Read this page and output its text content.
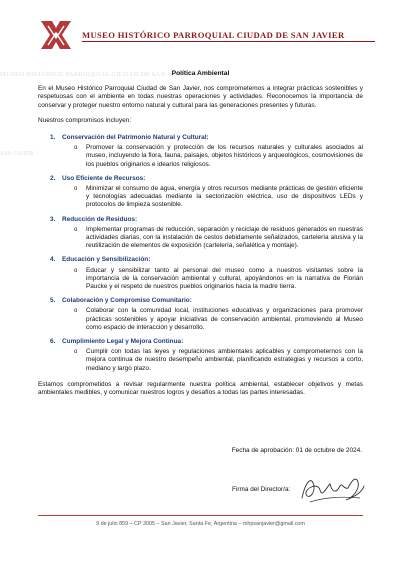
MUSEO HISTÓRICO PARROQUIAL CIUDAD DE SAN JAVIER
MUSEO HISTÓRICO PARROQUIAL CIUDAD DE SAN JAVIER
SAN JAVIER
Política Ambiental

En el Museo Histórico Parroquial Ciudad de San Javier, nos comprometemos a integrar prácticas sostenibles y respetuosas con el ambiente en todas nuestras operaciones y actividades. Reconocemos la importancia de conservar y proteger nuestro entorno natural y cultural para las generaciones presentes y futuras.

Nuestros compromisos incluyen:

1.	Conservación del Patrimonio Natural y Cultural:
o	Promover la conservación y protección de los recursos naturales y culturales asociados al museo, incluyendo la flora, fauna, paisajes, objetos históricos y arqueológicos, cosmovisiones de los pueblos originarios e idearios religiosos.
2.	Uso Eficiente de Recursos:
o	Minimizar el consumo de agua, energía y otros recursos mediante prácticas de gestión eficiente y tecnologías adecuadas mediante la sectorización eléctrica, uso de dispositivos LEDs y protocolos de limpieza sostenible.
3.	Reducción de Residuos:
o	Implementar programas de reducción, separación y reciclaje de residuos generados en nuestras actividades diarias, con la instalación de cestos debidamente señalizados, cartelería alusiva y la reutilización de elementos de exposición (cartelería, señalética y montaje).
4.	Educación y Sensibilización:
o	Educar y sensibilizar tanto al personal del museo como a nuestros visitantes sobre la importancia de la conservación ambiental y cultural, apoyándonos en la narrativa de Florián Paucke y el respeto de nuestros pueblos originarios hacia la madre tierra.
5.	Colaboración y Compromiso Comunitario:
o	Colaborar con la comunidad local, instituciones educativas y organizaciones para promover prácticas sostenibles y apoyar iniciativas de conservación ambiental, promoviendo al Museo como espacio de interacción y desarrollo.
6.	Cumplimiento Legal y Mejora Continua:
o	Cumplir con todas las leyes y regulaciones ambientales aplicables y comprometernos con la mejora continua de nuestro desempeño ambiental, planificando estrategias y recursos a corto, mediano y largo plazo.

Estamos comprometidos a revisar regularmente nuestra política ambiental, establecer objetivos y metas ambientales medibles, y comunicar nuestros logros y desafíos a todas las partes interesadas.

Fecha de aprobación: 01 de octubre de 2024.
Firma del Director/a:
9 de julio 859 – CP 3005 – San Javier, Santa Fe, Argentina – mhpsanjavier@gmail.com
